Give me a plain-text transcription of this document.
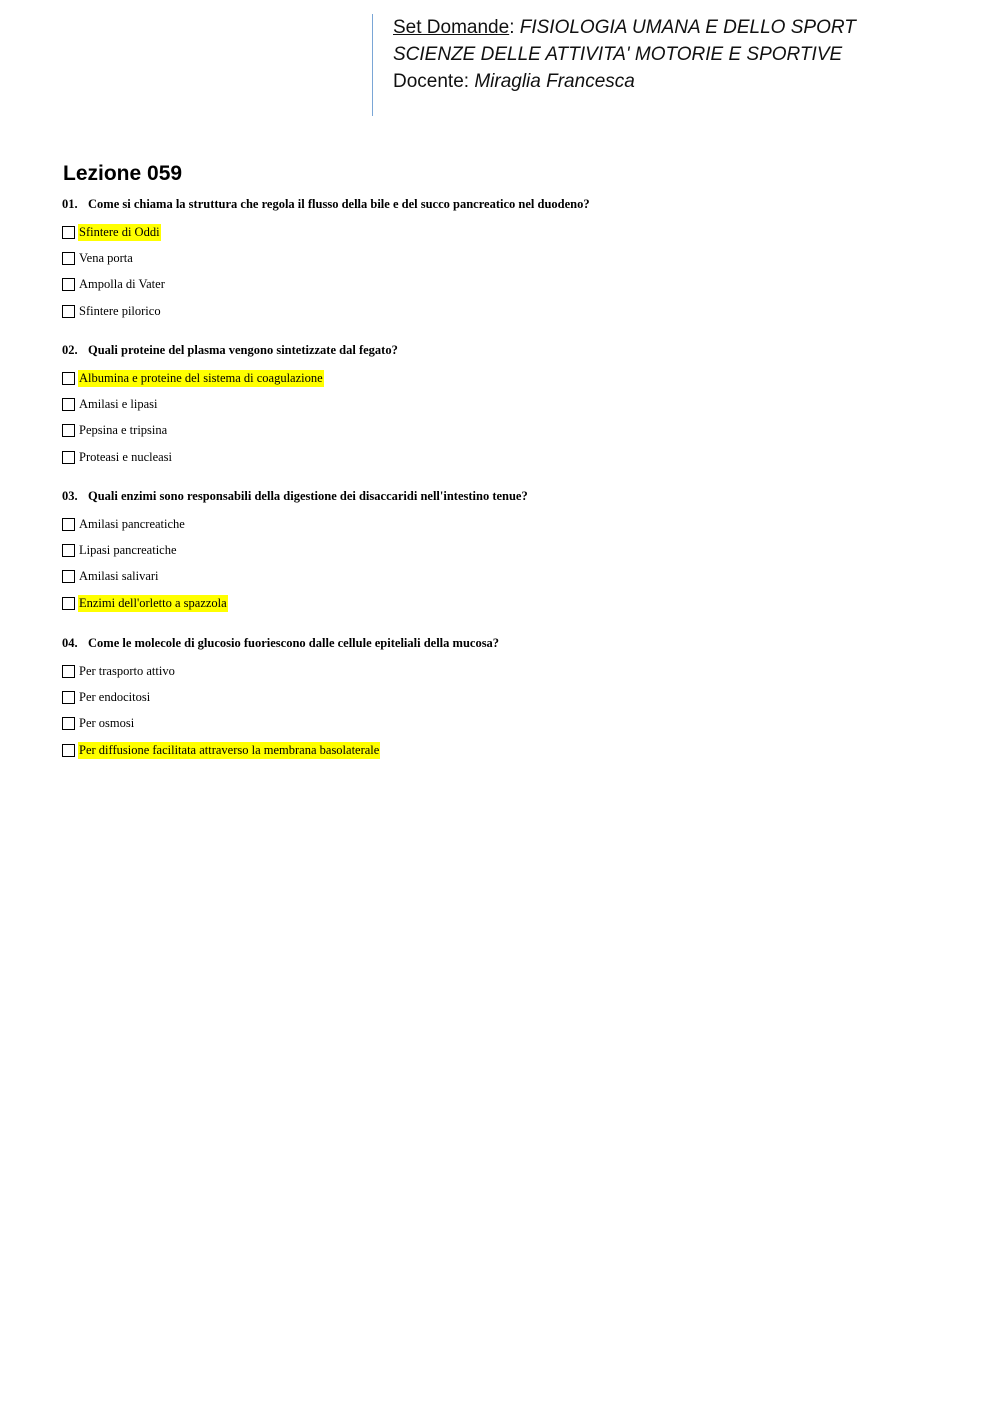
Set Domande: FISIOLOGIA UMANA E DELLO SPORT
SCIENZE DELLE ATTIVITA' MOTORIE E SPORTIVE
Docente: Miraglia Francesca
Lezione 059
01. Come si chiama la struttura che regola il flusso della bile e del succo pancreatico nel duodeno?
Sfintere di Oddi
Vena porta
Ampolla di Vater
Sfintere pilorico
02. Quali proteine del plasma vengono sintetizzate dal fegato?
Albumina e proteine del sistema di coagulazione
Amilasi e lipasi
Pepsina e tripsina
Proteasi e nucleasi
03. Quali enzimi sono responsabili della digestione dei disaccaridi nell'intestino tenue?
Amilasi pancreatiche
Lipasi pancreatiche
Amilasi salivari
Enzimi dell'orletto a spazzola
04. Come le molecole di glucosio fuoriescono dalle cellule epiteliali della mucosa?
Per trasporto attivo
Per endocitosi
Per osmosi
Per diffusione facilitata attraverso la membrana basolaterale
